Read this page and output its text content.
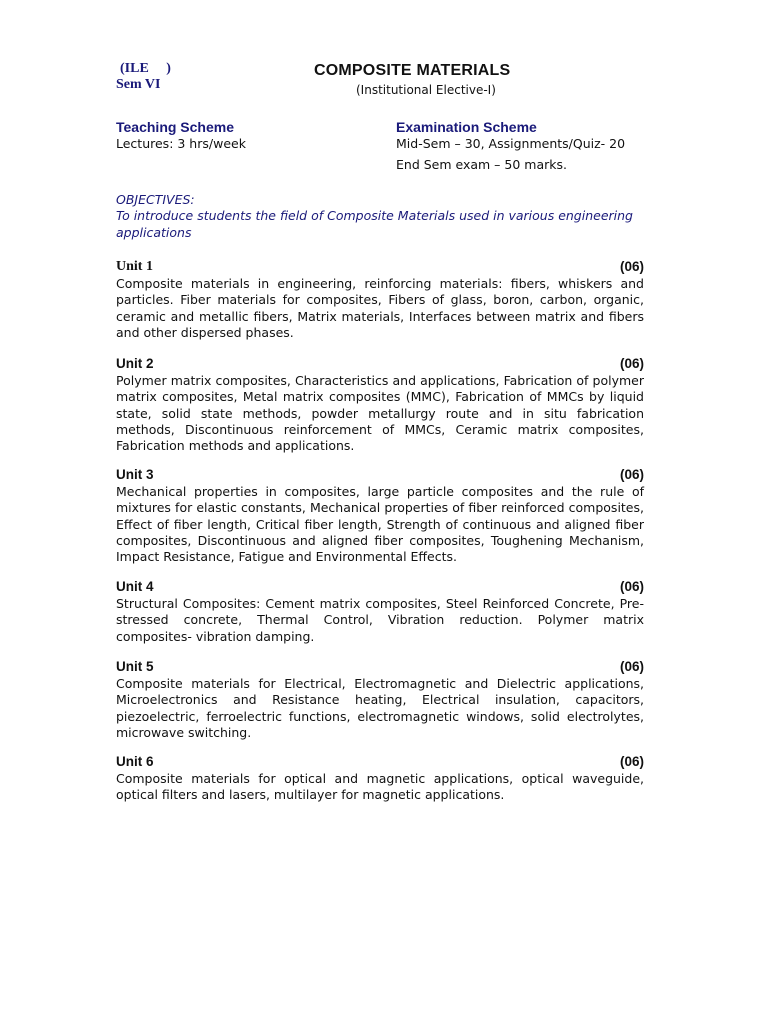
(ILE     )
Sem VI
COMPOSITE MATERIALS
(Institutional Elective-I)
Teaching Scheme
Lectures: 3 hrs/week
Examination Scheme
Mid-Sem – 30, Assignments/Quiz- 20
End Sem exam – 50 marks.
OBJECTIVES:
To introduce students the field of Composite Materials used in various engineering applications
Unit 1	(06)
Composite materials in engineering, reinforcing materials: fibers, whiskers and particles. Fiber materials for composites, Fibers of glass, boron, carbon, organic, ceramic and metallic fibers, Matrix materials, Interfaces between matrix and fibers and other dispersed phases.
Unit 2	(06)
Polymer matrix composites, Characteristics and applications, Fabrication of polymer matrix composites, Metal matrix composites (MMC), Fabrication of MMCs by liquid state, solid state methods, powder metallurgy route and in situ fabrication methods, Discontinuous reinforcement of MMCs, Ceramic matrix composites, Fabrication methods and applications.
Unit 3	(06)
Mechanical properties in composites, large particle composites and the rule of mixtures for elastic constants, Mechanical properties of fiber reinforced composites, Effect of fiber length, Critical fiber length, Strength of continuous and aligned fiber composites, Discontinuous and aligned fiber composites, Toughening Mechanism, Impact Resistance, Fatigue and Environmental Effects.
Unit 4	(06)
Structural Composites: Cement matrix composites, Steel Reinforced Concrete, Pre-stressed concrete, Thermal Control, Vibration reduction. Polymer matrix composites- vibration damping.
Unit 5	(06)
Composite materials for Electrical, Electromagnetic and Dielectric applications, Microelectronics and Resistance heating, Electrical insulation, capacitors, piezoelectric, ferroelectric functions, electromagnetic windows, solid electrolytes, microwave switching.
Unit 6	(06)
Composite materials for optical and magnetic applications, optical waveguide, optical filters and lasers, multilayer for magnetic applications.
